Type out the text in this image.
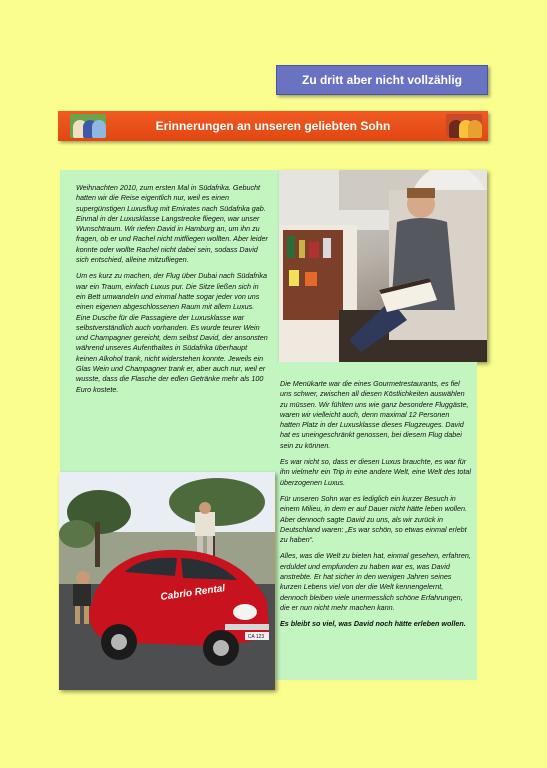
Zu dritt aber nicht vollzählig
Erinnerungen an unseren geliebten Sohn

Weihnachten 2010, zum ersten Mal in Südafrika. Gebucht hatten wir die Reise eigentlich nur, weil es einen supergünstigen Luxusflug mit Emirates nach Südafrika gab. Einmal in der Luxusklasse Langstrecke fliegen, war unser Wunschtraum. Wir riefen David in Hamburg an, um ihn zu fragen, ob er und Rachel nicht mitfliegen wollten. Aber leider konnte oder wollte Rachel nicht dabei sein, sodass David sich entschied, alleine mitzufliegen.

Um es kurz zu machen, der Flug über Dubai nach Südafrika war ein Traum, einfach Luxus pur. Die Sitze ließen sich in ein Bett umwandeln und einmal hatte sogar jeder von uns einen eigenen abgeschlossenen Raum mit allem Luxus. Eine Dusche für die Passagiere der Luxusklasse war selbstverständlich auch vorhanden. Es wurde teurer Wein und Champagner gereicht, dem selbst David, der ansonsten während unseres Aufenthaltes in Südafrika überhaupt keinen Alkohol trank, nicht widerstehen konnte. Jeweils ein Glas Wein und Champagner trank er, aber auch nur, weil er wusste, dass die Flasche der edlen Getränke mehr als 100 Euro kostete.

Die Menükarte war die eines Gourmetrestaurants, es fiel uns schwer, zwischen all diesen Köstlichkeiten auswählen zu müssen. Wir fühlten uns wie ganz besondere Fluggäste, waren wir vielleicht auch, denn maximal 12 Personen hatten Platz in der Luxusklasse dieses Flugzeuges. David hat es uneingeschränkt genossen, bei diesem Flug dabei sein zu können.

Es war nicht so, dass er diesen Luxus brauchte, es war für ihn vielmehr ein Trip in eine andere Welt, eine Welt des total überzogenen Luxus.

Für unseren Sohn war es lediglich ein kurzer Besuch in einem Milieu, in dem er auf Dauer nicht hätte leben wollen. Aber dennoch sagte David zu uns, als wir zurück in Deutschland waren: „Es war schön, so etwas einmal erlebt zu haben“.

Alles, was die Welt zu bieten hat, einmal gesehen, erfahren, erduldet und empfunden zu haben war es, was David anstrebte. Er hat sicher in den wenigen Jahren seines kurzen Lebens viel von der die Welt kennengelernt, dennoch bleiben viele unermesslich schöne Erfahrungen, die er nun nicht mehr machen kann.

Es bleibt so viel, was David noch hätte erleben wollen.

CA 123
Cabrio Rental
